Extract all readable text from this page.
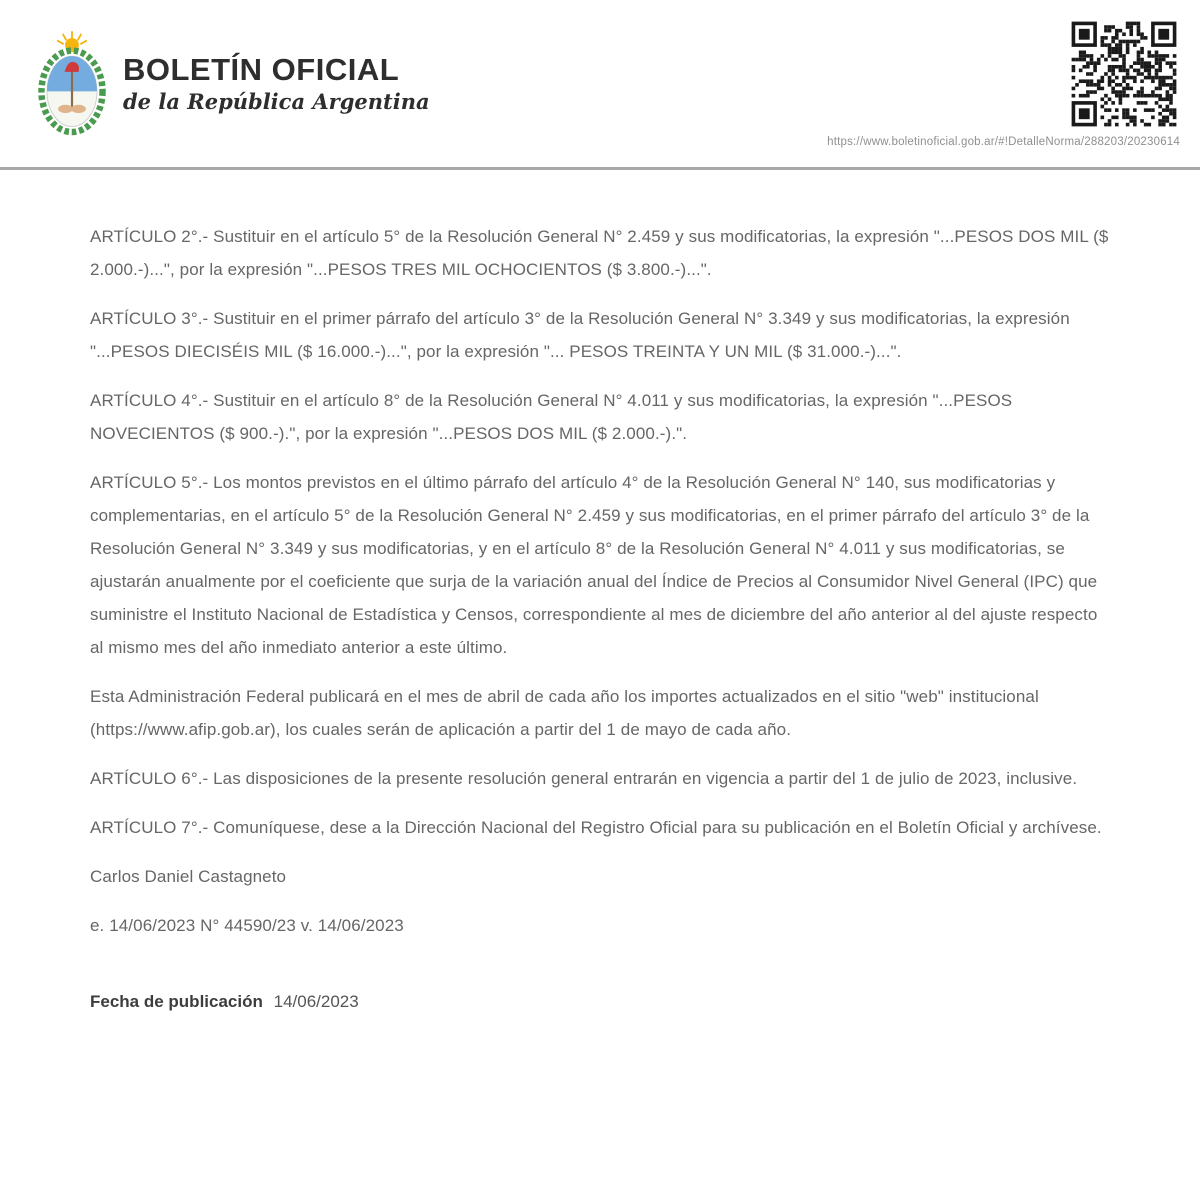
BOLETÍN OFICIAL
de la República Argentina
https://www.boletinoficial.gob.ar/#!DetalleNorma/288203/20230614

ARTÍCULO 2°.- Sustituir en el artículo 5° de la Resolución General N° 2.459 y sus modificatorias, la expresión "...PESOS DOS MIL ($ 2.000.-)...", por la expresión "...PESOS TRES MIL OCHOCIENTOS ($ 3.800.-)...".

ARTÍCULO 3°.- Sustituir en el primer párrafo del artículo 3° de la Resolución General N° 3.349 y sus modificatorias, la expresión "...PESOS DIECISÉIS MIL ($ 16.000.-)...", por la expresión "... PESOS TREINTA Y UN MIL ($ 31.000.-)...".

ARTÍCULO 4°.- Sustituir en el artículo 8° de la Resolución General N° 4.011 y sus modificatorias, la expresión "...PESOS NOVECIENTOS ($ 900.-).", por la expresión "...PESOS DOS MIL ($ 2.000.-).".

ARTÍCULO 5°.- Los montos previstos en el último párrafo del artículo 4° de la Resolución General N° 140, sus modificatorias y complementarias, en el artículo 5° de la Resolución General N° 2.459 y sus modificatorias, en el primer párrafo del artículo 3° de la Resolución General N° 3.349 y sus modificatorias, y en el artículo 8° de la Resolución General N° 4.011 y sus modificatorias, se ajustarán anualmente por el coeficiente que surja de la variación anual del Índice de Precios al Consumidor Nivel General (IPC) que suministre el Instituto Nacional de Estadística y Censos, correspondiente al mes de diciembre del año anterior al del ajuste respecto al mismo mes del año inmediato anterior a este último.

Esta Administración Federal publicará en el mes de abril de cada año los importes actualizados en el sitio "web" institucional (https://www.afip.gob.ar), los cuales serán de aplicación a partir del 1 de mayo de cada año.

ARTÍCULO 6°.- Las disposiciones de la presente resolución general entrarán en vigencia a partir del 1 de julio de 2023, inclusive.

ARTÍCULO 7°.- Comuníquese, dese a la Dirección Nacional del Registro Oficial para su publicación en el Boletín Oficial y archívese.

Carlos Daniel Castagneto

e. 14/06/2023 N° 44590/23 v. 14/06/2023

Fecha de publicación 14/06/2023
